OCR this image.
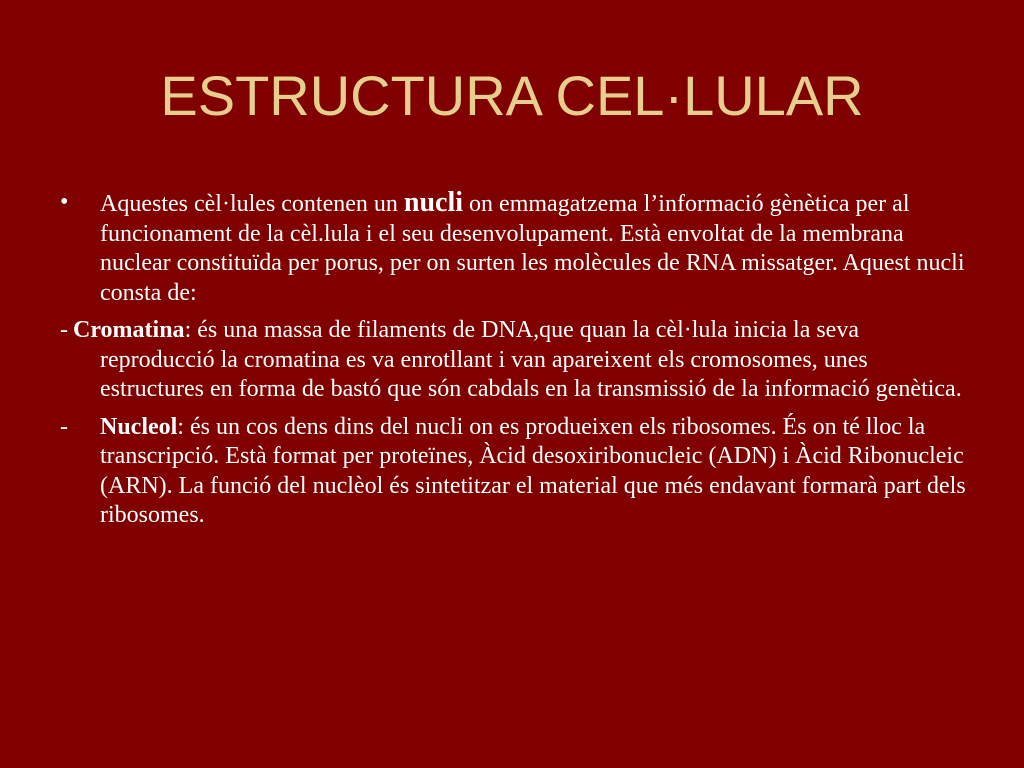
ESTRUCTURA CEL·LULAR
•	Aquestes cèl·lules contenen un nucli on emmagatzema l’informació gènètica per al funcionament de la cèl.lula i el seu desenvolupament. Està envoltat de la membrana nuclear constituïda per porus, per on surten les molècules de RNA missatger. Aquest nucli consta de:
- Cromatina: és una massa de filaments de DNA,que quan la cèl·lula inicia la seva reproducció la cromatina es va enrotllant i van apareixent els cromosomes, unes estructures en forma de bastó que són cabdals en la transmissió de la informació genètica.
-	Nucleol: és un cos dens dins del nucli on es produeixen els ribosomes. És on té lloc la transcripció. Està format per proteïnes, Àcid desoxiribonucleic (ADN) i Àcid Ribonucleic (ARN). La funció del nuclèol és sintetitzar el material que més endavant formarà part dels ribosomes.
